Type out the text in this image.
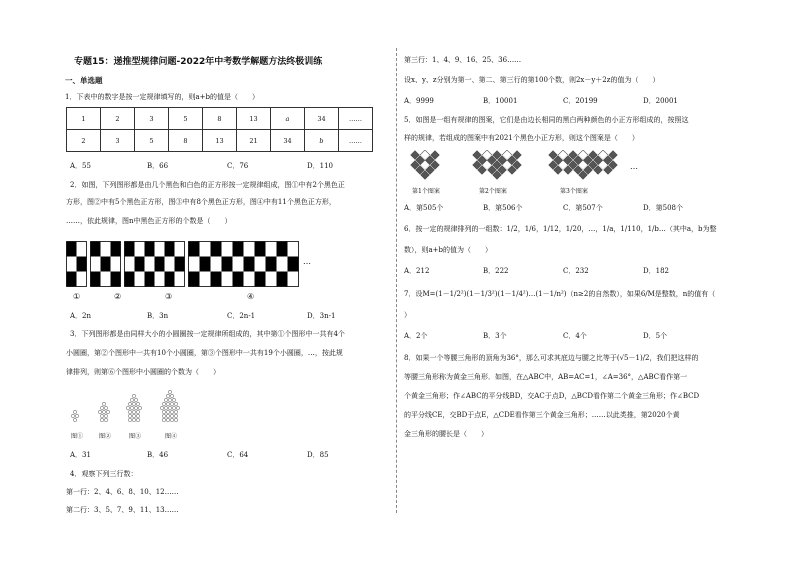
专题15：递推型规律问题-2022年中考数学解题方法终极训练
一、单选题
1．下表中的数字是按一定规律填写的，则a+b的值是（　　）
1	2	3	5	8	13	a	34	……
2	3	5	8	13	21	34	b	……
A．55	B．66	C．76	D．110
2．如图，下列图形都是由几个黑色和白色的正方形按一定规律组成，图①中有2个黑色正
方形，图②中有5个黑色正方形，图③中有8个黑色正方形，图④中有11个黑色正方形，
……，依此规律，图n中黑色正方形的个数是（　　）
…
①	②	③	④
A．2n	B．3n	C．2n-1	D．3n-1
3．下列图形都是由同样大小的小圆圈按一定规律所组成的，其中第①个图形中一共有4个
小圆圈，第②个图形中一共有10个小圆圈，第③个图形中一共有19个小圆圈，…，按此规
律排列，则第⑥个图形中小圆圈的个数为（　　）
图①	图②	图③	图④
A．31	B．46	C．64	D．85
4．观察下列三行数：
第一行：2、4、6、8、10、12……
第二行：3、5、7、9、11、13……
第三行：1、4、9、16、25、36……
设x、y、z分别为第一、第二、第三行的第100个数，则2x－y＋2z的值为（　　）
A．9999	B．10001	C．20199	D．20001
5．如图是一组有规律的图案，它们是由边长相同的黑白两种颜色的小正方形组成的，按照这
样的规律，若组成的图案中有2021个黑色小正方形，则这个图案是（　　）
…
第1个图案	第2个图案	第3个图案
A．第505个	B．第506个	C．第507个	D．第508个
6．按一定的规律排列的一组数：1/2，1/6，1/12，1/20，…，1/a，1/110，1/b…（其中a，b为整
数），则a+b的值为（　　）
A．212	B．222	C．232	D．182
7．设M=(1－1/2²)(1－1/3²)(1－1/4²)…(1－1/n²)（n≥2的自然数），如果6/M是整数，n的值有（
）
A．2个	B．3个	C．4个	D．5个
8．如果一个等腰三角形的顶角为36°，那么可求其底边与腰之比等于(√5－1)/2，我们把这样的
等腰三角形称为黄金三角形．如图，在△ABC中，AB=AC=1，∠A=36°，△ABC看作第一
个黄金三角形；作∠ABC的平分线BD，交AC于点D，△BCD看作第二个黄金三角形；作∠BCD
的平分线CE，交BD于点E，△CDE看作第三个黄金三角形；……以此类推，第2020个黄
金三角形的腰长是（　　）
